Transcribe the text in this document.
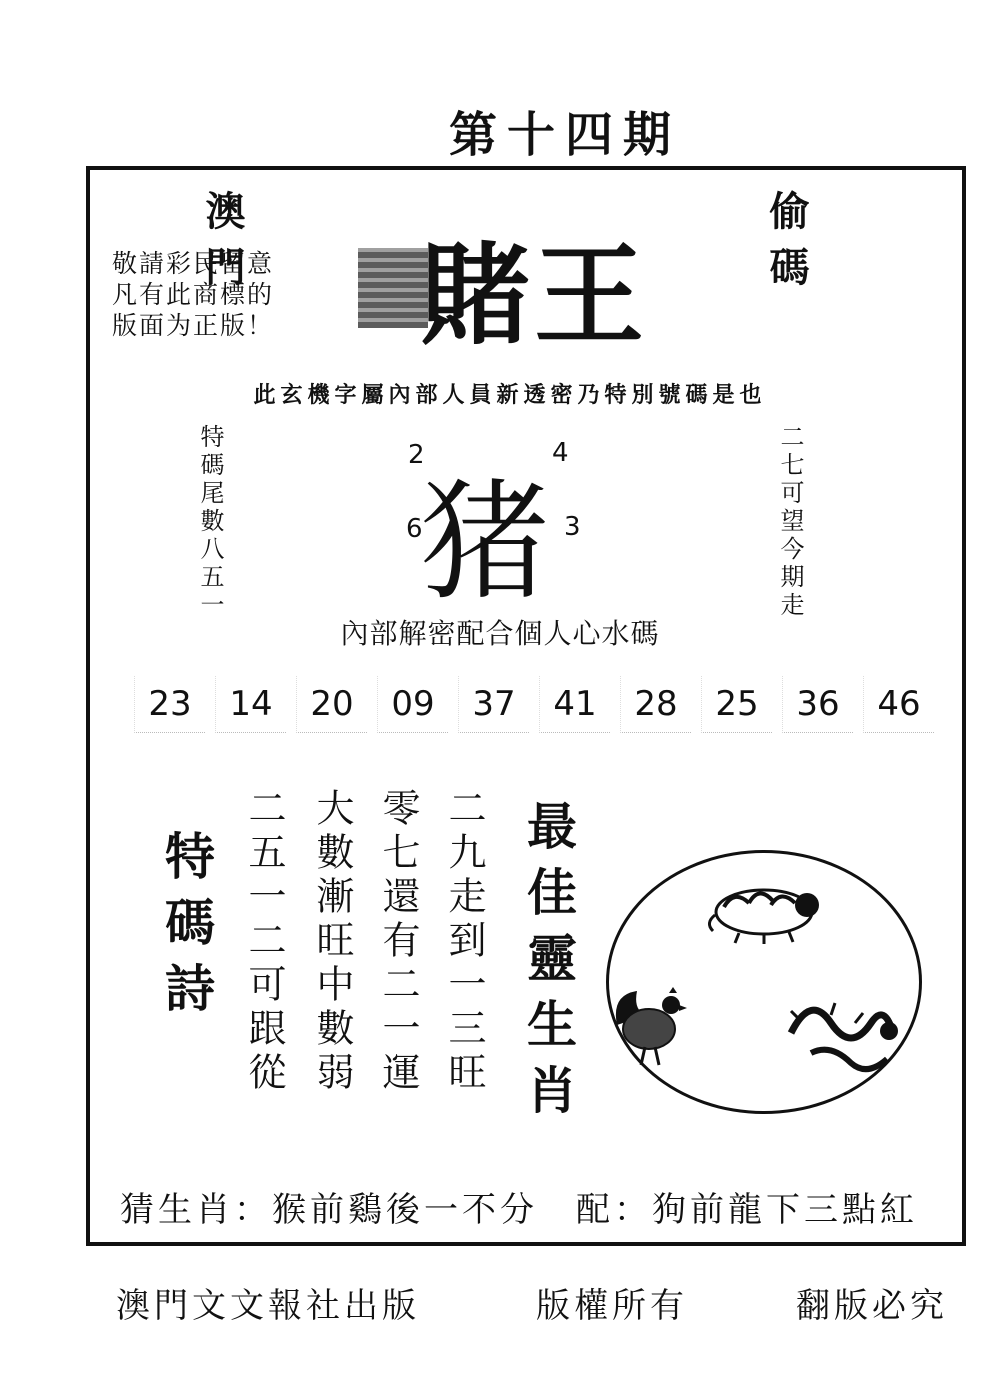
第十四期
澳門	偷碼
賭王
敬請彩民留意
凡有此商標的
版面为正版！
此玄機字屬內部人員新透密乃特別號碼是也
特碼尾數八五一	二七可望今期走
猪
2	4
6	3
內部解密配合個人心水碼
23	14	20	09	37	41	28	25	36	46
特碼詩	二九走到一三旺
零七還有二一運
大數漸旺中數弱
二五一二可跟從	最佳靈生肖
猜生肖：猴前鷄後一不分　配：狗前龍下三點紅
澳門文文報社出版	版權所有	翻版必究
